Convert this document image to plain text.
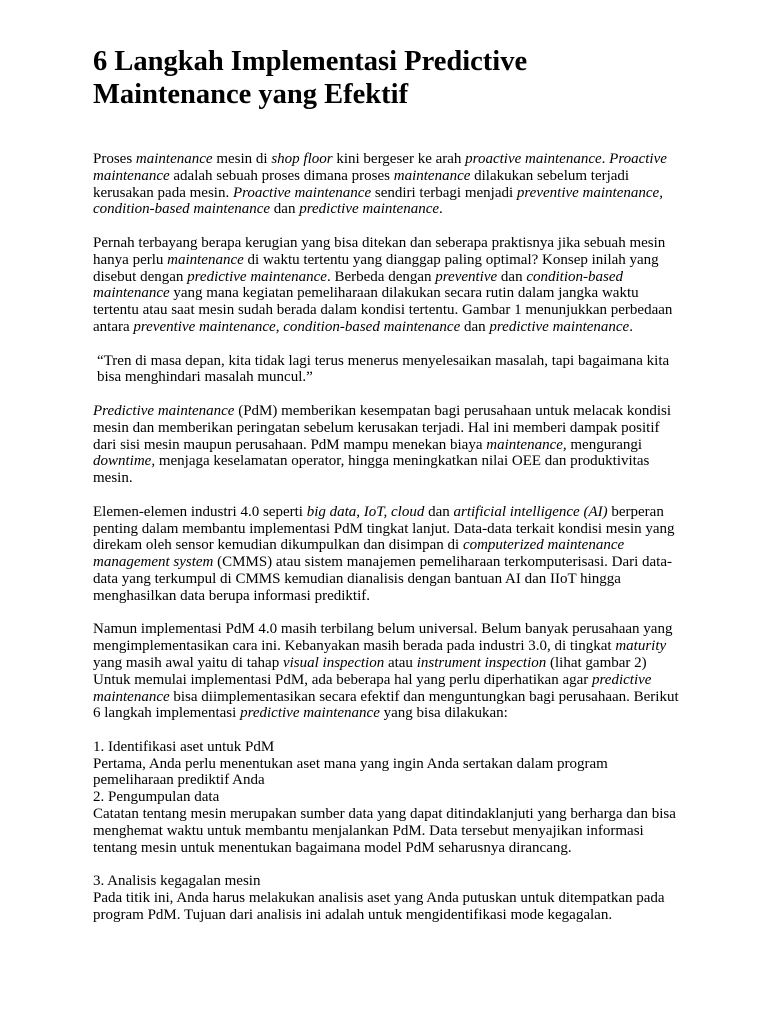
6 Langkah Implementasi Predictive Maintenance yang Efektif

Proses maintenance mesin di shop floor kini bergeser ke arah proactive maintenance. Proactive maintenance adalah sebuah proses dimana proses maintenance dilakukan sebelum terjadi kerusakan pada mesin. Proactive maintenance sendiri terbagi menjadi preventive maintenance, condition-based maintenance dan predictive maintenance.

Pernah terbayang berapa kerugian yang bisa ditekan dan seberapa praktisnya jika sebuah mesin hanya perlu maintenance di waktu tertentu yang dianggap paling optimal? Konsep inilah yang disebut dengan predictive maintenance. Berbeda dengan preventive dan condition-based maintenance yang mana kegiatan pemeliharaan dilakukan secara rutin dalam jangka waktu tertentu atau saat mesin sudah berada dalam kondisi tertentu. Gambar 1 menunjukkan perbedaan antara preventive maintenance, condition-based maintenance dan predictive maintenance.

“Tren di masa depan, kita tidak lagi terus menerus menyelesaikan masalah, tapi bagaimana kita bisa menghindari masalah muncul.”

Predictive maintenance (PdM) memberikan kesempatan bagi perusahaan untuk melacak kondisi mesin dan memberikan peringatan sebelum kerusakan terjadi. Hal ini memberi dampak positif dari sisi mesin maupun perusahaan. PdM mampu menekan biaya maintenance, mengurangi downtime, menjaga keselamatan operator, hingga meningkatkan nilai OEE dan produktivitas mesin.

Elemen-elemen industri 4.0 seperti big data, IoT, cloud dan artificial intelligence (AI) berperan penting dalam membantu implementasi PdM tingkat lanjut. Data-data terkait kondisi mesin yang direkam oleh sensor kemudian dikumpulkan dan disimpan di computerized maintenance management system (CMMS) atau sistem manajemen pemeliharaan terkomputerisasi. Dari data-data yang terkumpul di CMMS kemudian dianalisis dengan bantuan AI dan IIoT hingga menghasilkan data berupa informasi prediktif.

Namun implementasi PdM 4.0 masih terbilang belum universal. Belum banyak perusahaan yang mengimplementasikan cara ini. Kebanyakan masih berada pada industri 3.0, di tingkat maturity yang masih awal yaitu di tahap visual inspection atau instrument inspection (lihat gambar 2)

Untuk memulai implementasi PdM, ada beberapa hal yang perlu diperhatikan agar predictive maintenance bisa diimplementasikan secara efektif dan menguntungkan bagi perusahaan. Berikut 6 langkah implementasi predictive maintenance yang bisa dilakukan:

1. Identifikasi aset untuk PdM

Pertama, Anda perlu menentukan aset mana yang ingin Anda sertakan dalam program pemeliharaan prediktif Anda

2. Pengumpulan data

Catatan tentang mesin merupakan sumber data yang dapat ditindaklanjuti yang berharga dan bisa menghemat waktu untuk membantu menjalankan PdM. Data tersebut menyajikan informasi tentang mesin untuk menentukan bagaimana model PdM seharusnya dirancang.

3. Analisis kegagalan mesin

Pada titik ini, Anda harus melakukan analisis aset yang Anda putuskan untuk ditempatkan pada program PdM. Tujuan dari analisis ini adalah untuk mengidentifikasi mode kegagalan.
